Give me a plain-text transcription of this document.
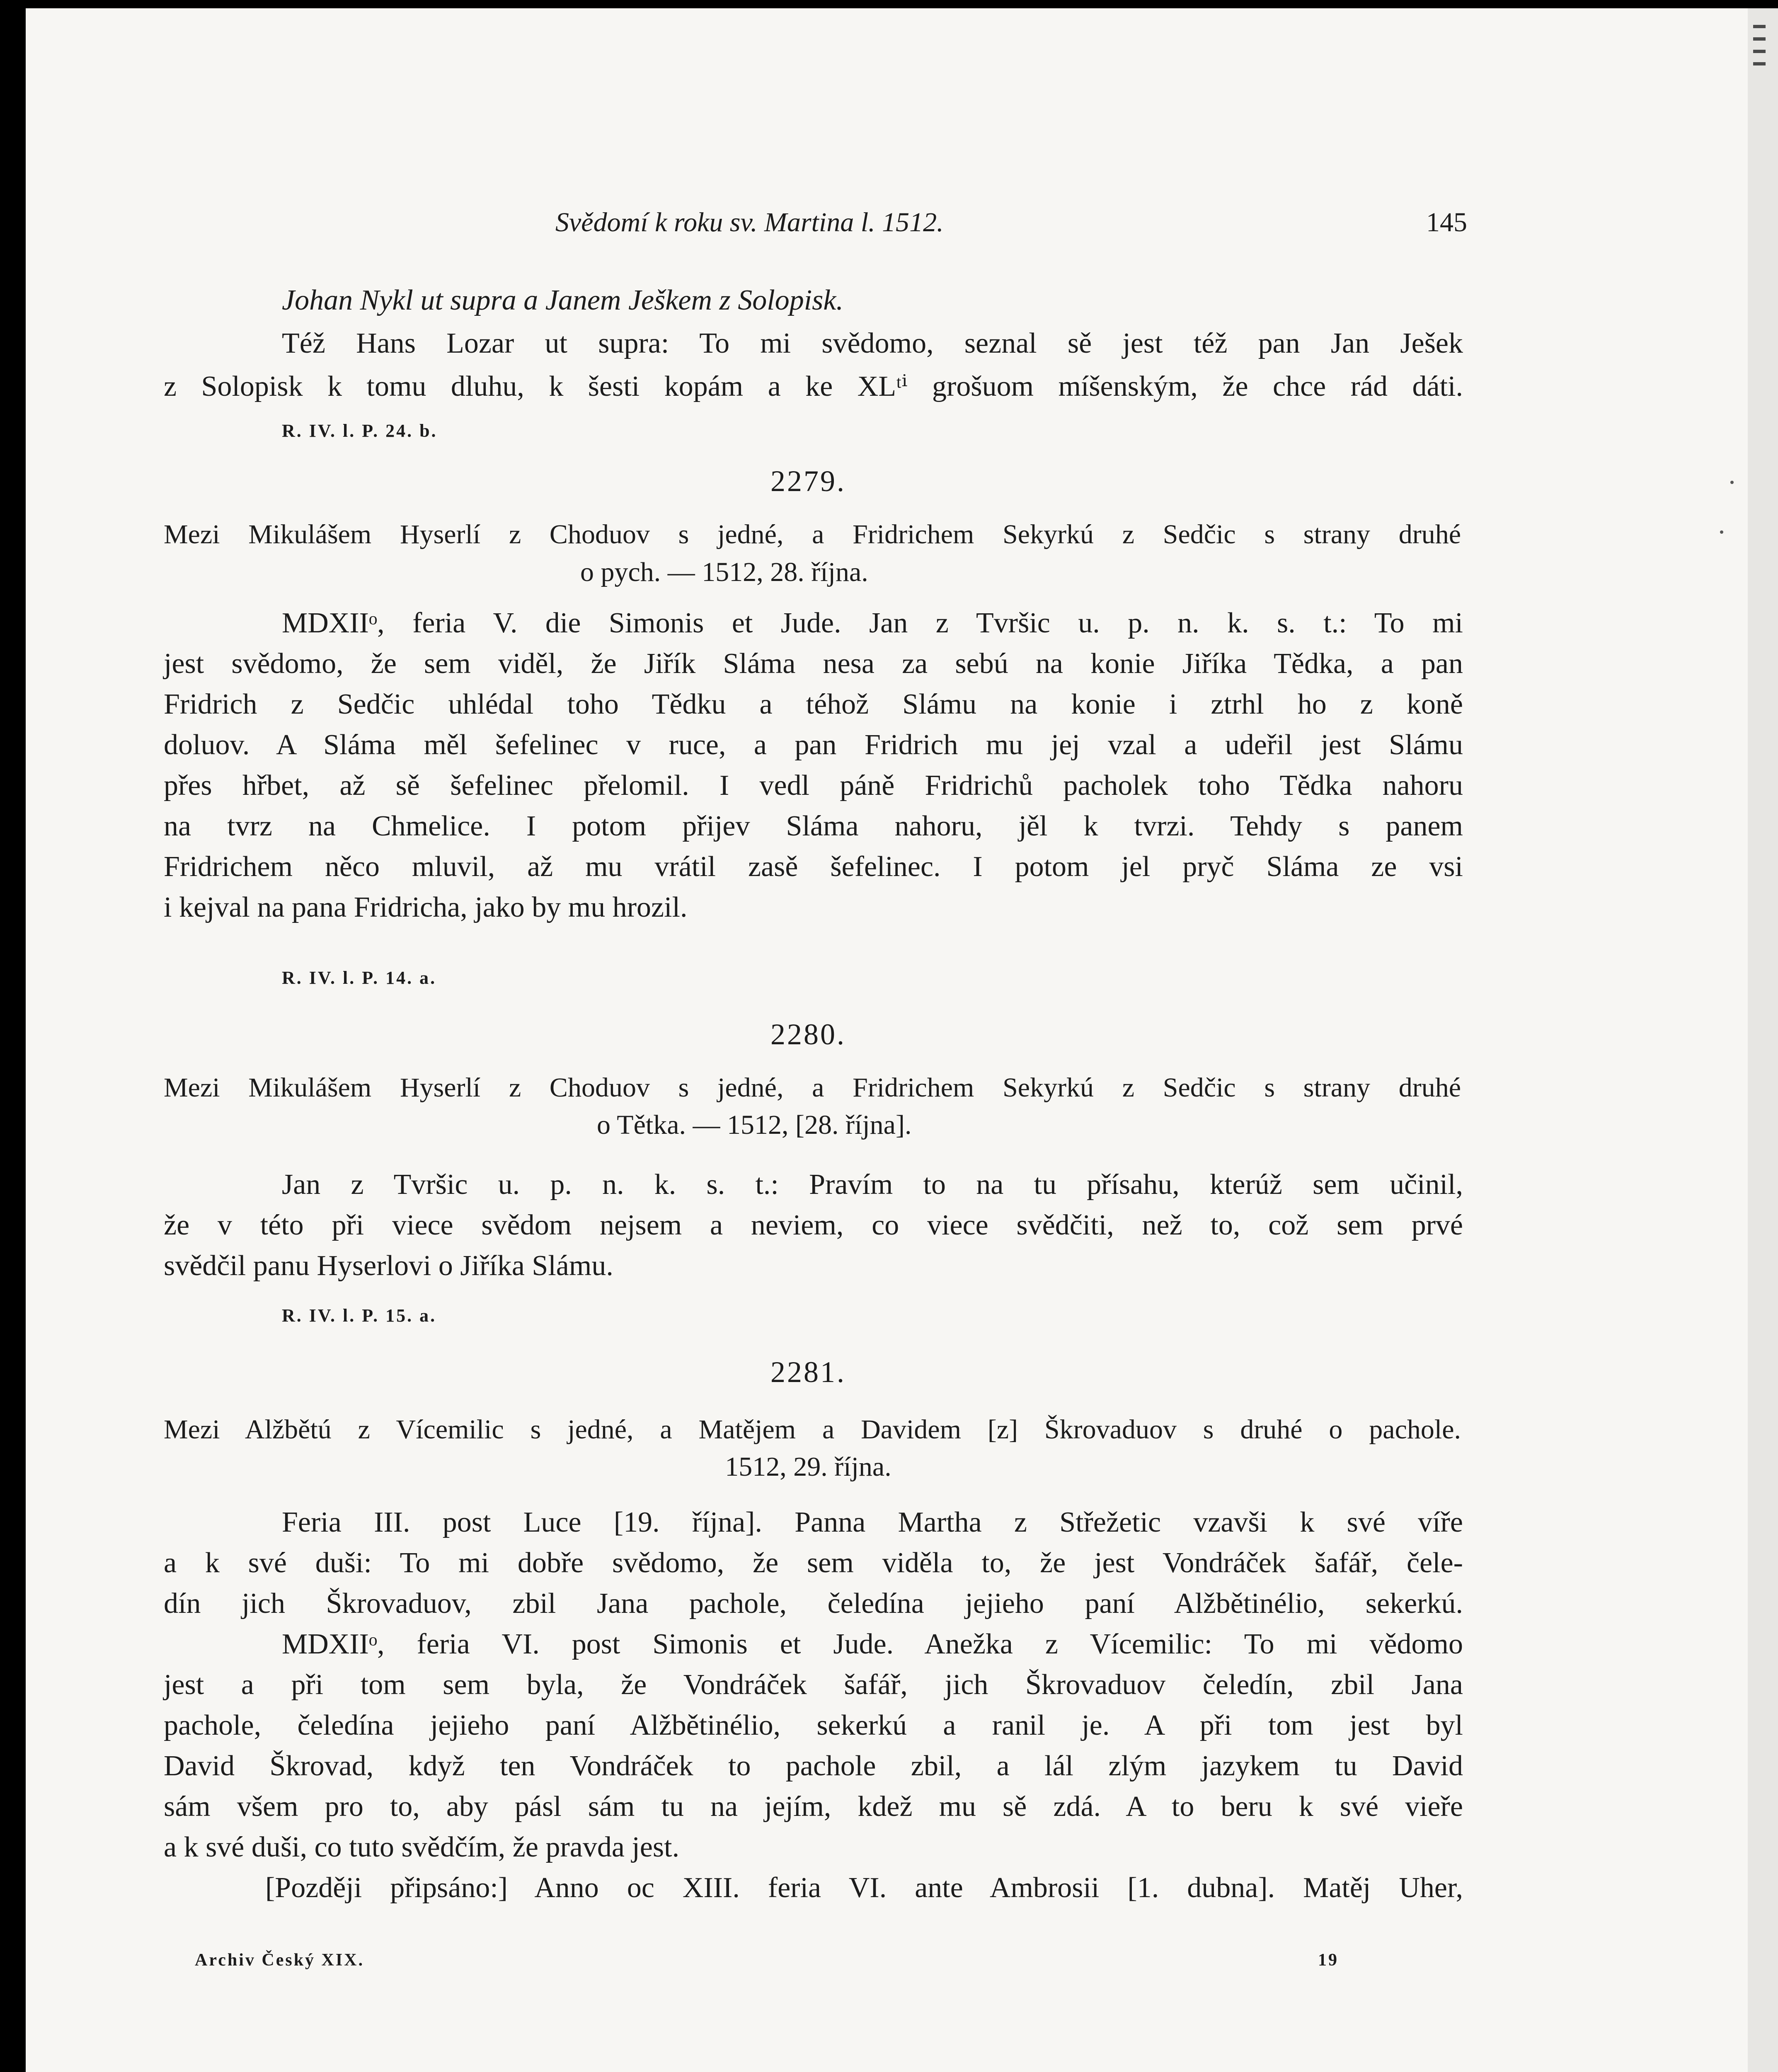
Svědomí k roku sv. Martina l. 1512.	145
Johan Nykl ut supra a Janem Ješkem z Solopisk.
Též Hans Lozar ut supra: To mi svědomo, seznal sě jest též pan Jan Ješek
z Solopisk k tomu dluhu, k šesti kopám a ke XLᵗⁱ grošuom míšenským, že chce rád dáti.
R. IV. l. P. 24. b.
2279.
Mezi Mikulášem Hyserlí z Choduov s jedné, a Fridrichem Sekyrkú z Sedčic s strany druhé
o pych. — 1512, 28. října.
MDXIIᵒ, feria V. die Simonis et Jude. Jan z Tvršic u. p. n. k. s. t.: To mi
jest svědomo, že sem viděl, že Jiřík Sláma nesa za sebú na konie Jiříka Tědka, a pan
Fridrich z Sedčic uhlédal toho Tědku a téhož Slámu na konie i ztrhl ho z koně
doluov. A Sláma měl šefelinec v ruce, a pan Fridrich mu jej vzal a udeřil jest Slámu
přes hřbet, až sě šefelinec přelomil. I vedl páně Fridrichů pacholek toho Tědka nahoru
na tvrz na Chmelice. I potom přijev Sláma nahoru, jěl k tvrzi. Tehdy s panem
Fridrichem něco mluvil, až mu vrátil zasě šefelinec. I potom jel pryč Sláma ze vsi
i kejval na pana Fridricha, jako by mu hrozil.
R. IV. l. P. 14. a.
2280.
Mezi Mikulášem Hyserlí z Choduov s jedné, a Fridrichem Sekyrkú z Sedčic s strany druhé
o Tětka. — 1512, [28. října].
Jan z Tvršic u. p. n. k. s. t.: Pravím to na tu přísahu, kterúž sem učinil,
že v této při viece svědom nejsem a neviem, co viece svědčiti, než to, což sem prvé
svědčil panu Hyserlovi o Jiříka Slámu.
R. IV. l. P. 15. a.
2281.
Mezi Alžbětú z Vícemilic s jedné, a Matějem a Davidem [z] Škrovaduov s druhé o pachole.
1512, 29. října.
Feria III. post Luce [19. října]. Panna Martha z Střežetic vzavši k své víře
a k své duši: To mi dobře svědomo, že sem viděla to, že jest Vondráček šafář, čele-
dín jich Škrovaduov, zbil Jana pachole, čeledína jejieho paní Alžbětinélio, sekerkú.
MDXIIᵒ, feria VI. post Simonis et Jude. Anežka z Vícemilic: To mi vědomo
jest a při tom sem byla, že Vondráček šafář, jich Škrovaduov čeledín, zbil Jana
pachole, čeledína jejieho paní Alžbětinélio, sekerkú a ranil je. A při tom jest byl
David Škrovad, když ten Vondráček to pachole zbil, a lál zlým jazykem tu David
sám všem pro to, aby pásl sám tu na jejím, kdež mu sě zdá. A to beru k své vieře
a k své duši, co tuto svědčím, že pravda jest.
[Později připsáno:] Anno oc XIII. feria VI. ante Ambrosii [1. dubna]. Matěj Uher,
Archiv Český XIX.	19
